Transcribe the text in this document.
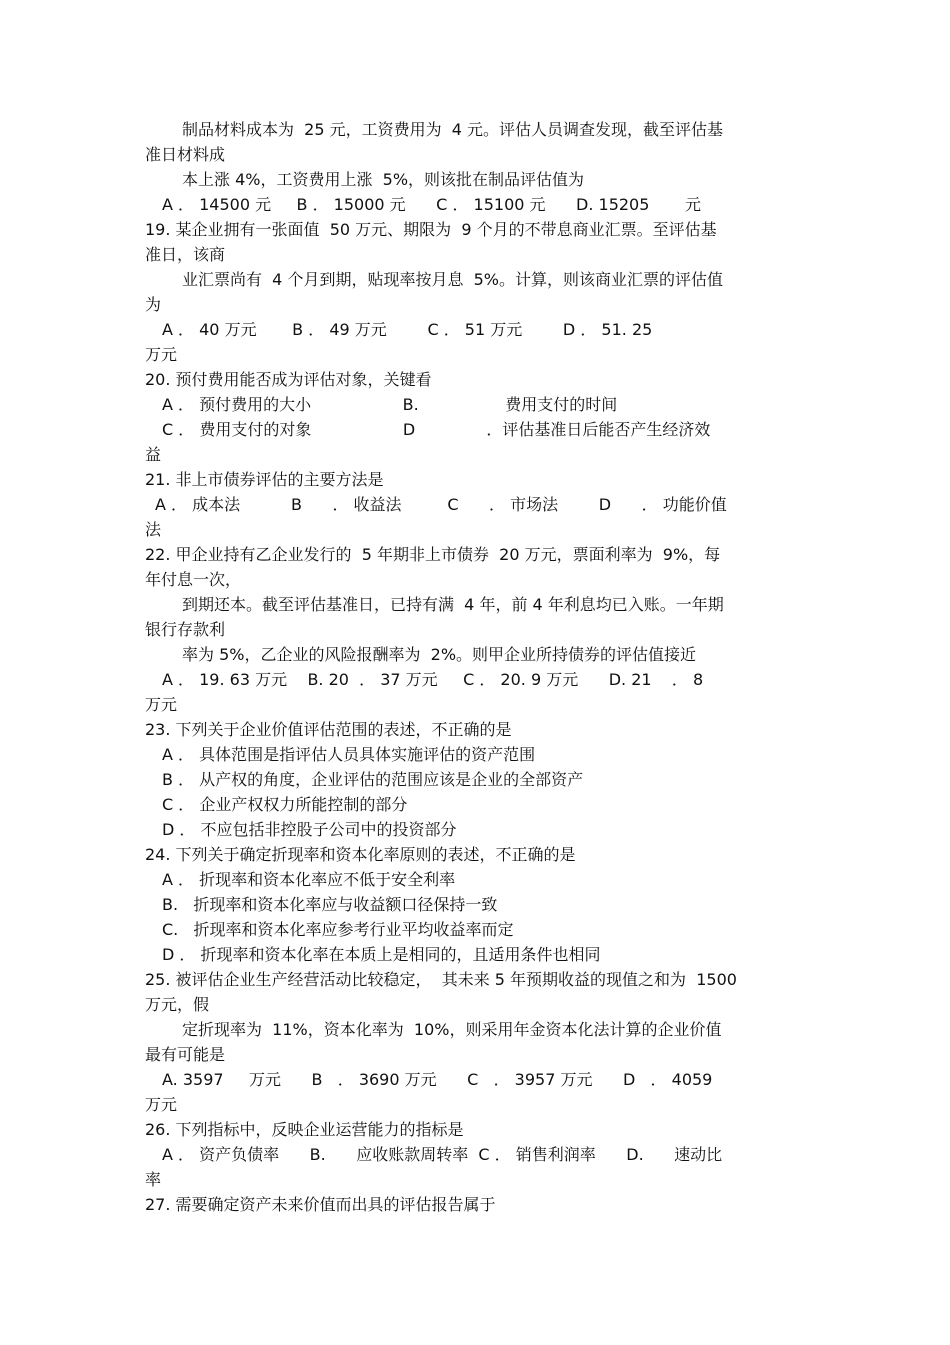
制品材料成本为  25 元，工资费用为  4 元。评估人员调查发现，截至评估基
准日材料成
本上涨 4%，工资费用上涨  5%，则该批在制品评估值为
A ． 14500 元     B ． 15000 元      C ． 15100 元      D. 15205       元
19. 某企业拥有一张面值  50 万元、期限为  9 个月的不带息商业汇票。至评估基
准日，该商
业汇票尚有  4 个月到期，贴现率按月息  5%。计算，则该商业汇票的评估值
为
A ． 40 万元       B ． 49 万元        C ． 51 万元        D ． 51. 25
万元
20. 预付费用能否成为评估对象，关键看
A ． 预付费用的大小                  B.                 费用支付的时间
C ． 费用支付的对象                  D              ．评估基准日后能否产生经济效
益
21. 非上市债券评估的主要方法是
A ． 成本法          B      ． 收益法         C      ． 市场法        D      ． 功能价值
法
22. 甲企业持有乙企业发行的  5 年期非上市债券  20 万元，票面利率为  9%，每
年付息一次，
到期还本。截至评估基准日，已持有满  4 年，前 4 年利息均已入账。一年期
银行存款利
率为 5%，乙企业的风险报酬率为  2%。则甲企业所持债券的评估值接近
A ． 19. 63 万元    B. 20  ． 37 万元     C ． 20. 9 万元      D. 21    ． 8
万元
23. 下列关于企业价值评估范围的表述，不正确的是
A ． 具体范围是指评估人员具体实施评估的资产范围
B ． 从产权的角度，企业评估的范围应该是企业的全部资产
C ． 企业产权权力所能控制的部分
D ． 不应包括非控股子公司中的投资部分
24. 下列关于确定折现率和资本化率原则的表述，不正确的是
A ． 折现率和资本化率应不低于安全利率
B.   折现率和资本化率应与收益额口径保持一致
C.   折现率和资本化率应参考行业平均收益率而定
D ． 折现率和资本化率在本质上是相同的，且适用条件也相同
25. 被评估企业生产经营活动比较稳定，  其未来 5 年预期收益的现值之和为  1500
万元，假
定折现率为  11%，资本化率为  10%，则采用年金资本化法计算的企业价值
最有可能是
A. 3597     万元      B   ． 3690 万元      C   ． 3957 万元      D   ． 4059
万元
26. 下列指标中，反映企业运营能力的指标是
A ． 资产负债率      B.      应收账款周转率  C ． 销售利润率      D.      速动比
率
27. 需要确定资产未来价值而出具的评估报告属于
